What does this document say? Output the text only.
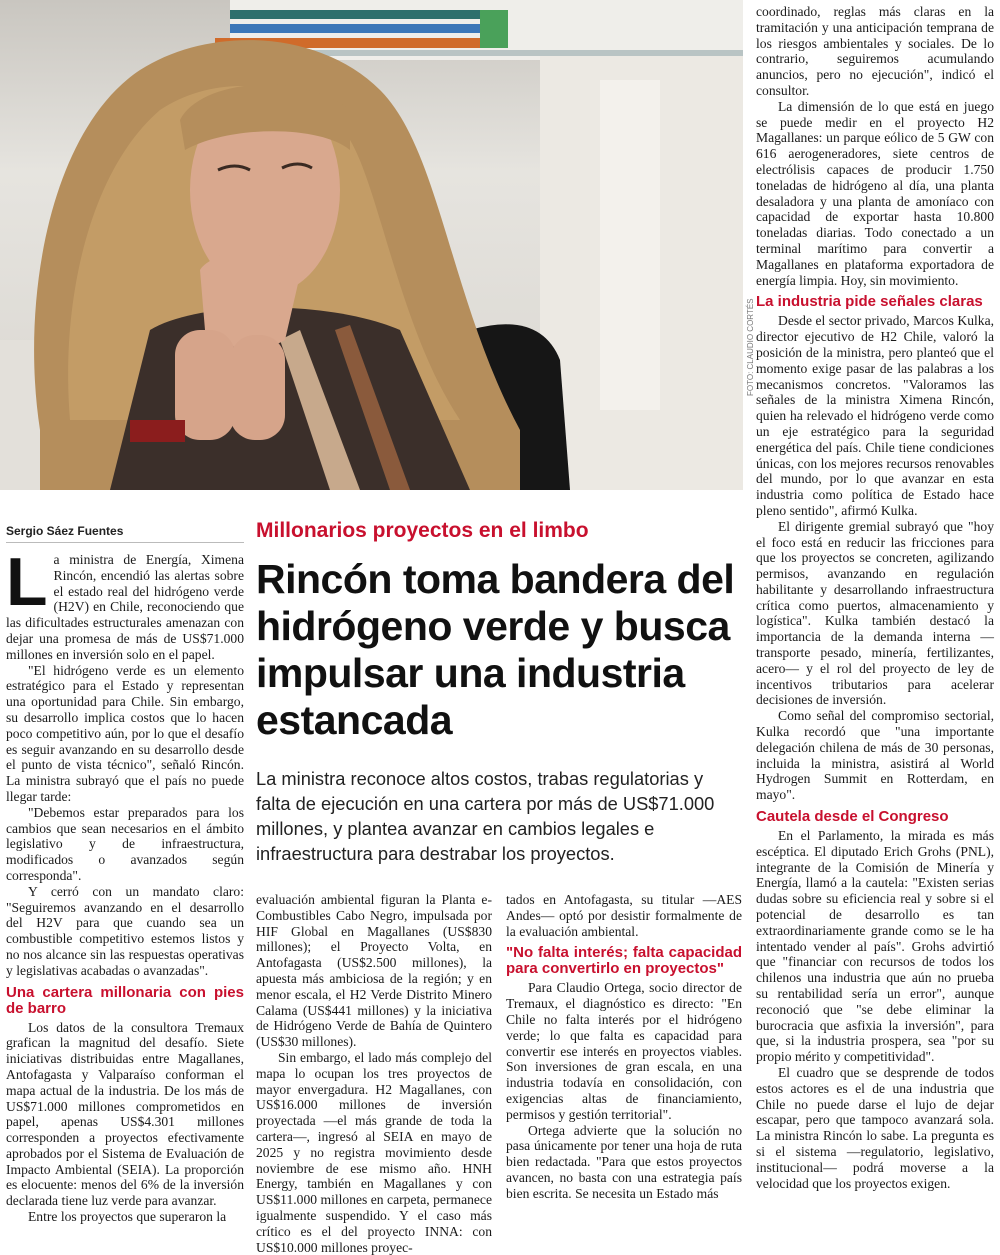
FOTO: CLAUDIO CORTÉS
Sergio Sáez Fuentes	Millonarios proyectos en el limbo
Rincón toma bandera del hidrógeno verde y busca impulsar una industria estancada
La ministra reconoce altos costos, trabas regulatorias y falta de ejecución en una cartera por más de US$71.000 millones, y plantea avanzar en cambios legales e infraestructura para destrabar los proyectos.

La ministra de Energía, Ximena Rincón, encendió las alertas sobre el estado real del hidrógeno verde (H2V) en Chile, reconociendo que las dificultades estructurales amenazan con dejar una promesa de más de US$71.000 millones en inversión solo en el papel.

"El hidrógeno verde es un elemento estratégico para el Estado y representan una oportunidad para Chile. Sin embargo, su desarrollo implica costos que lo hacen poco competitivo aún, por lo que el desafío es seguir avanzando en su desarrollo desde el punto de vista técnico", señaló Rincón. La ministra subrayó que el país no puede llegar tarde:

"Debemos estar preparados para los cambios que sean necesarios en el ámbito legislativo y de infraestructura, modificados o avanzados según corresponda".

Y cerró con un mandato claro: "Seguiremos avanzando en el desarrollo del H2V para que cuando sea un combustible competitivo estemos listos y no nos alcance sin las respuestas operativas y legislativas acabadas o avanzadas".

Una cartera millonaria con pies de barro

Los datos de la consultora Tremaux grafican la magnitud del desafío. Siete iniciativas distribuidas entre Magallanes, Antofagasta y Valparaíso conforman el mapa actual de la industria. De los más de US$71.000 millones comprometidos en papel, apenas US$4.301 millones corresponden a proyectos efectivamente aprobados por el Sistema de Evaluación de Impacto Ambiental (SEIA). La proporción es elocuente: menos del 6% de la inversión declarada tiene luz verde para avanzar.

Entre los proyectos que superaron la

evaluación ambiental figuran la Planta e-Combustibles Cabo Negro, impulsada por HIF Global en Magallanes (US$830 millones); el Proyecto Volta, en Antofagasta (US$2.500 millones), la apuesta más ambiciosa de la región; y en menor escala, el H2 Verde Distrito Minero Calama (US$441 millones) y la iniciativa de Hidrógeno Verde de Bahía de Quintero (US$30 millones).

Sin embargo, el lado más complejo del mapa lo ocupan los tres proyectos de mayor envergadura. H2 Magallanes, con US$16.000 millones de inversión proyectada —el más grande de toda la cartera—, ingresó al SEIA en mayo de 2025 y no registra movimiento desde noviembre de ese mismo año. HNH Energy, también en Magallanes y con US$11.000 millones en carpeta, permanece igualmente suspendido. Y el caso más crítico es el del proyecto INNA: con US$10.000 millones proyec-

tados en Antofagasta, su titular —AES Andes— optó por desistir formalmente de la evaluación ambiental.

"No falta interés; falta capacidad para convertirlo en proyectos"

Para Claudio Ortega, socio director de Tremaux, el diagnóstico es directo: "En Chile no falta interés por el hidrógeno verde; lo que falta es capacidad para convertir ese interés en proyectos viables. Son inversiones de gran escala, en una industria todavía en consolidación, con exigencias altas de financiamiento, permisos y gestión territorial".

Ortega advierte que la solución no pasa únicamente por tener una hoja de ruta bien redactada. "Para que estos proyectos avancen, no basta con una estrategia país bien escrita. Se necesita un Estado más

coordinado, reglas más claras en la tramitación y una anticipación temprana de los riesgos ambientales y sociales. De lo contrario, seguiremos acumulando anuncios, pero no ejecución", indicó el consultor.

La dimensión de lo que está en juego se puede medir en el proyecto H2 Magallanes: un parque eólico de 5 GW con 616 aerogeneradores, siete centros de electrólisis capaces de producir 1.750 toneladas de hidrógeno al día, una planta desaladora y una planta de amoníaco con capacidad de exportar hasta 10.800 toneladas diarias. Todo conectado a un terminal marítimo para convertir a Magallanes en plataforma exportadora de energía limpia. Hoy, sin movimiento.

La industria pide señales claras

Desde el sector privado, Marcos Kulka, director ejecutivo de H2 Chile, valoró la posición de la ministra, pero planteó que el momento exige pasar de las palabras a los mecanismos concretos. "Valoramos las señales de la ministra Ximena Rincón, quien ha relevado el hidrógeno verde como un eje estratégico para la seguridad energética del país. Chile tiene condiciones únicas, con los mejores recursos renovables del mundo, por lo que avanzar en esta industria como política de Estado hace pleno sentido", afirmó Kulka.

El dirigente gremial subrayó que "hoy el foco está en reducir las fricciones para que los proyectos se concreten, agilizando permisos, avanzando en regulación habilitante y desarrollando infraestructura crítica como puertos, almacenamiento y logística". Kulka también destacó la importancia de la demanda interna —transporte pesado, minería, fertilizantes, acero— y el rol del proyecto de ley de incentivos tributarios para acelerar decisiones de inversión.

Como señal del compromiso sectorial, Kulka recordó que "una importante delegación chilena de más de 30 personas, incluida la ministra, asistirá al World Hydrogen Summit en Rotterdam, en mayo".

Cautela desde el Congreso

En el Parlamento, la mirada es más escéptica. El diputado Erich Grohs (PNL), integrante de la Comisión de Minería y Energía, llamó a la cautela: "Existen serias dudas sobre su eficiencia real y sobre si el potencial de desarrollo es tan extraordinariamente grande como se le ha intentado vender al país". Grohs advirtió que "financiar con recursos de todos los chilenos una industria que aún no prueba su rentabilidad sería un error", aunque reconoció que "se debe eliminar la burocracia que asfixia la inversión", para que, si la industria prospera, sea "por su propio mérito y competitividad".

El cuadro que se desprende de todos estos actores es el de una industria que Chile no puede darse el lujo de dejar escapar, pero que tampoco avanzará sola. La ministra Rincón lo sabe. La pregunta es si el sistema —regulatorio, legislativo, institucional— podrá moverse a la velocidad que los proyectos exigen.
